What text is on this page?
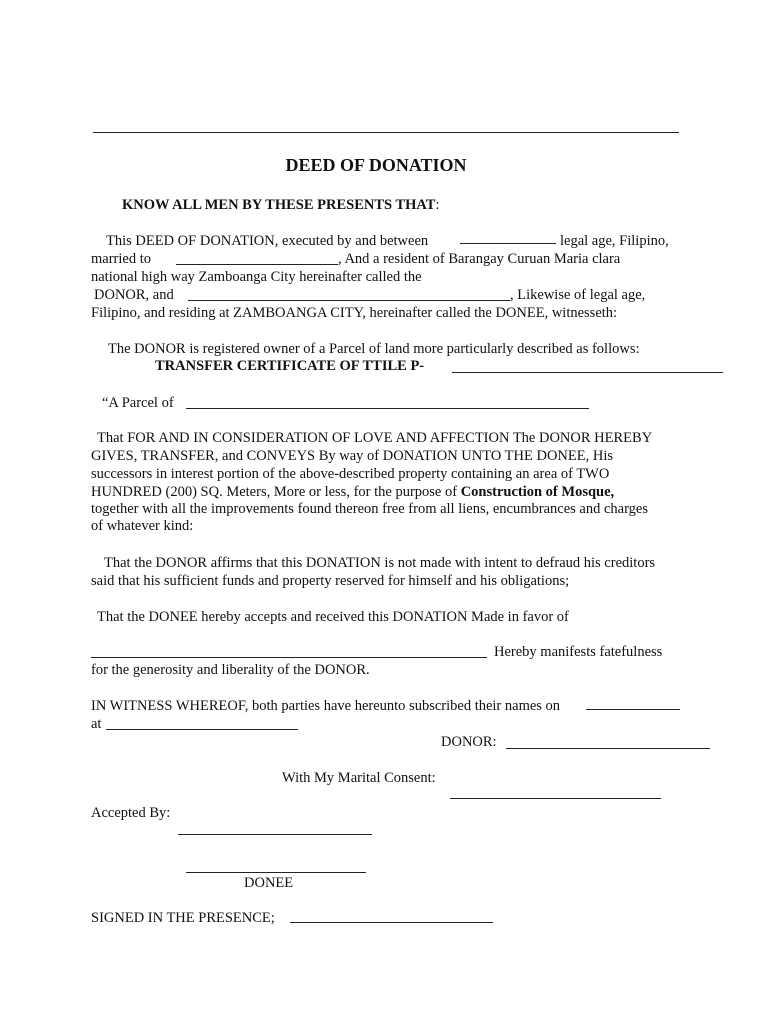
DEED OF DONATION
KNOW ALL MEN BY THESE PRESENTS THAT:
This DEED OF DONATION, executed by and between	legal age, Filipino,
married to	, And a resident of Barangay Curuan Maria clara
national high way Zamboanga City hereinafter called the
DONOR, and	, Likewise of legal age,
Filipino, and residing at ZAMBOANGA CITY, hereinafter called the DONEE, witnesseth:
The DONOR is registered owner of a Parcel of land more particularly described as follows:
TRANSFER CERTIFICATE OF TTILE P-
“A Parcel of
That FOR AND IN CONSIDERATION OF LOVE AND AFFECTION The DONOR HEREBY
GIVES, TRANSFER, and CONVEYS By way of DONATION UNTO THE DONEE, His
successors in interest portion of the above-described property containing an area of TWO
HUNDRED (200) SQ. Meters, More or less, for the purpose of Construction of Mosque,
together with all the improvements found thereon free from all liens, encumbrances and charges
of whatever kind:
That the DONOR affirms that this DONATION is not made with intent to defraud his creditors
said that his sufficient funds and property reserved for himself and his obligations;
That the DONEE hereby accepts and received this DONATION Made in favor of
Hereby manifests fatefulness
for the generosity and liberality of the DONOR.
IN WITNESS WHEREOF, both parties have hereunto subscribed their names on
at
DONOR:
With My Marital Consent:
Accepted By:
DONEE
SIGNED IN THE PRESENCE;
